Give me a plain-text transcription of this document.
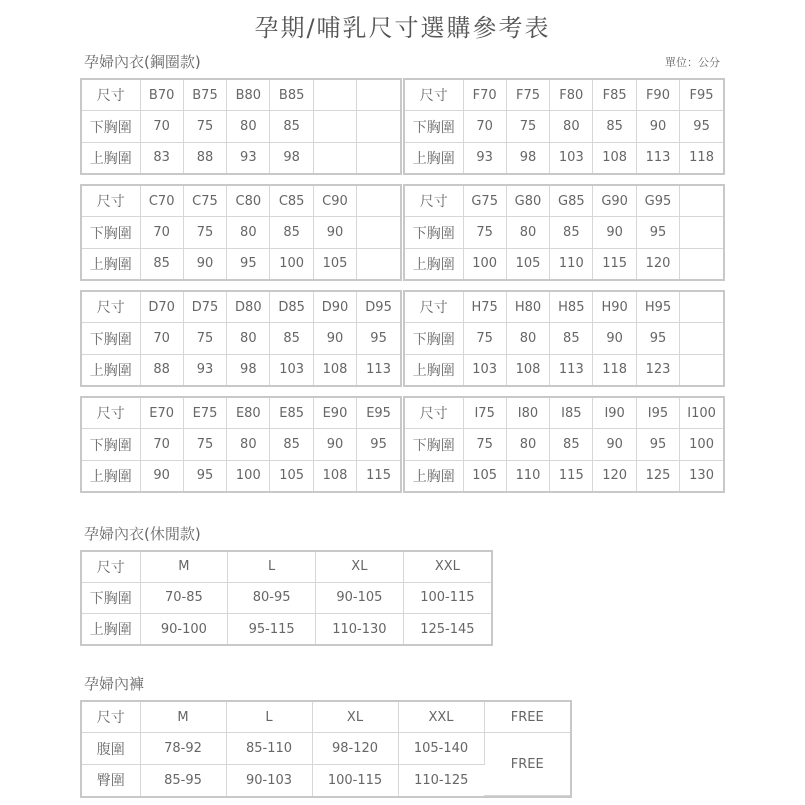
孕期/哺乳尺寸選購參考表
孕婦內衣(鋼圈款)	單位：公分
尺寸	B70	B75	B80	B85		
下胸圍	70	75	80	85		
上胸圍	83	88	93	98		
尺寸	F70	F75	F80	F85	F90	F95
下胸圍	70	75	80	85	90	95
上胸圍	93	98	103	108	113	118
尺寸	C70	C75	C80	C85	C90	
下胸圍	70	75	80	85	90	
上胸圍	85	90	95	100	105	
尺寸	G75	G80	G85	G90	G95	
下胸圍	75	80	85	90	95	
上胸圍	100	105	110	115	120	
尺寸	D70	D75	D80	D85	D90	D95
下胸圍	70	75	80	85	90	95
上胸圍	88	93	98	103	108	113
尺寸	H75	H80	H85	H90	H95	
下胸圍	75	80	85	90	95	
上胸圍	103	108	113	118	123	
尺寸	E70	E75	E80	E85	E90	E95
下胸圍	70	75	80	85	90	95
上胸圍	90	95	100	105	108	115
尺寸	I75	I80	I85	I90	I95	I100
下胸圍	75	80	85	90	95	100
上胸圍	105	110	115	120	125	130
孕婦內衣(休閒款)
尺寸	M	L	XL	XXL
下胸圍	70-85	80-95	90-105	100-115
上胸圍	90-100	95-115	110-130	125-145
孕婦內褲
尺寸	M	L	XL	XXL	FREE
腹圍	78-92	85-110	98-120	105-140	FREE
臀圍	85-95	90-103	100-115	110-125	
